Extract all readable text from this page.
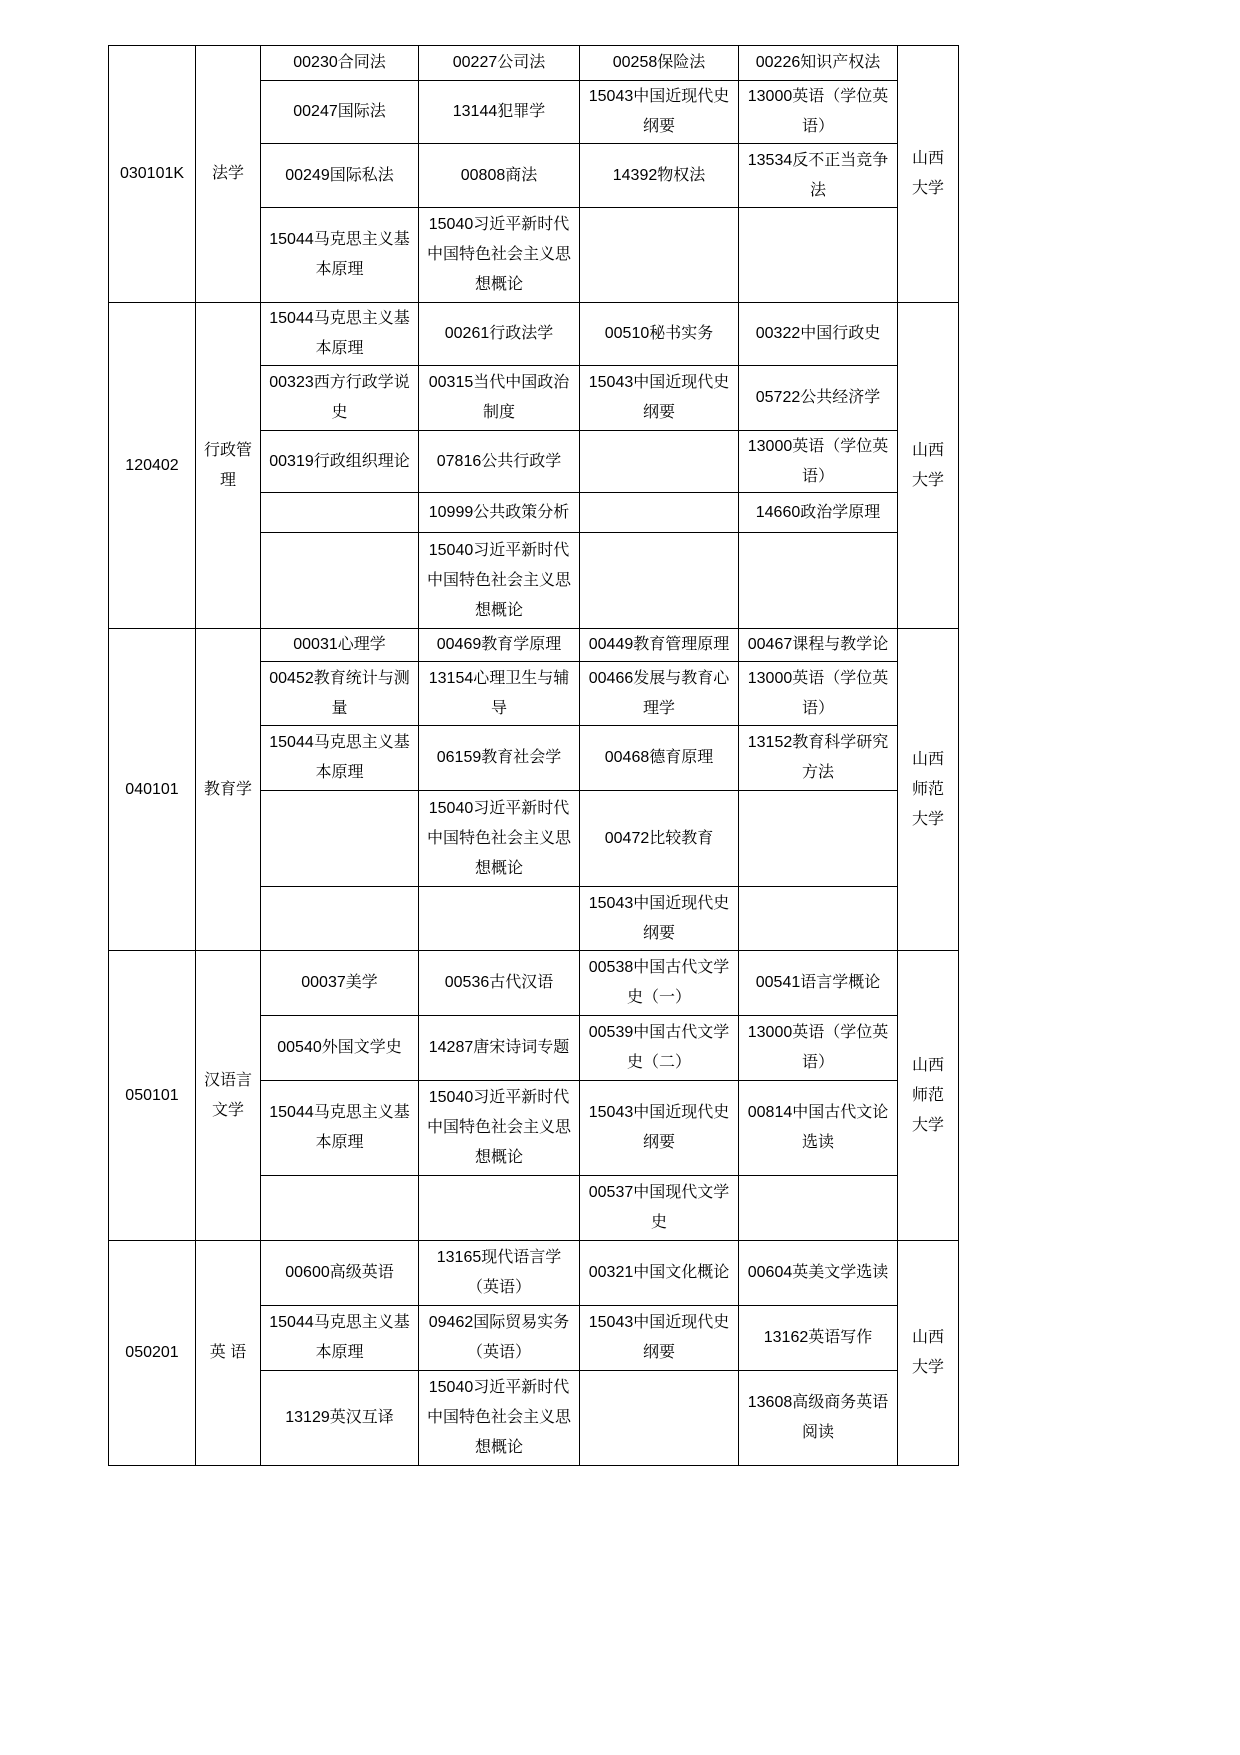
030101K	法学	00230合同法	00227公司法	00258保险法	00226知识产权法	山西大学
		00247国际法	13144犯罪学	15043中国近现代史纲要	13000英语（学位英语）	
		00249国际私法	00808商法	14392物权法	13534反不正当竞争法	
		15044马克思主义基本原理	15040习近平新时代中国特色社会主义思想概论			
120402	行政管理	15044马克思主义基本原理	00261行政法学	00510秘书实务	00322中国行政史	山西大学
		00323西方行政学说史	00315当代中国政治制度	15043中国近现代史纲要	05722公共经济学	
		00319行政组织理论	07816公共行政学		13000英语（学位英语）	
			10999公共政策分析		14660政治学原理	
			15040习近平新时代中国特色社会主义思想概论			
040101	教育学	00031心理学	00469教育学原理	00449教育管理原理	00467课程与教学论	山西师范大学
		00452教育统计与测量	13154心理卫生与辅导	00466发展与教育心理学	13000英语（学位英语）	
		15044马克思主义基本原理	06159教育社会学	00468德育原理	13152教育科学研究方法	
			15040习近平新时代中国特色社会主义思想概论	00472比较教育		
				15043中国近现代史纲要		
050101	汉语言文学	00037美学	00536古代汉语	00538中国古代文学史（一）	00541语言学概论	山西师范大学
		00540外国文学史	14287唐宋诗词专题	00539中国古代文学史（二）	13000英语（学位英语）	
		15044马克思主义基本原理	15040习近平新时代中国特色社会主义思想概论	15043中国近现代史纲要	00814中国古代文论选读	
				00537中国现代文学史		
050201	英 语	00600高级英语	13165现代语言学（英语）	00321中国文化概论	00604英美文学选读	山西大学
		15044马克思主义基本原理	09462国际贸易实务（英语）	15043中国近现代史纲要	13162英语写作	
		13129英汉互译	15040习近平新时代中国特色社会主义思想概论		13608高级商务英语阅读	
